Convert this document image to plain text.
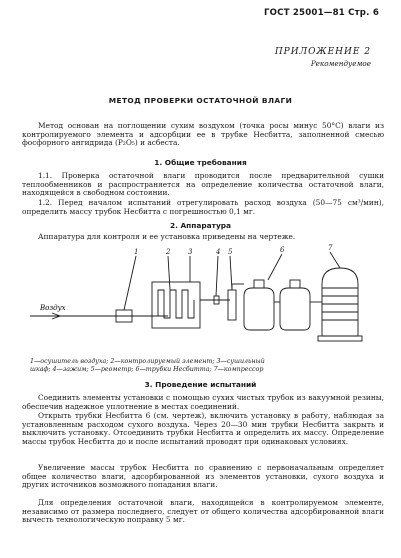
ГОСТ 25001—81 Стр. 6
ПРИЛОЖЕНИЕ 2
Рекомендуемое
МЕТОД ПРОВЕРКИ ОСТАТОЧНОЙ ВЛАГИ

Метод основан на поглощении сухим воздухом (точка росы минус 50°С) влаги из контролируемого элемента и адсорбции ее в трубке Несбитта, заполненной смесью фосфорного ангидрида (P₂O₅) и асбеста.

1. Общие требования

1.1. Проверка остаточной влаги проводится после предварительной сушки теплообменников и распространяется на определение количества остаточной влаги, находящейся в свободном состоянии.

1.2. Перед началом испытаний отрегулировать расход воздуха (50—75 см³/мин), определить массу трубок Несбитта с погрешностью 0,1 мг.

2. Аппаратура

Аппаратура для контроля и ее установка приведены на чертеже.

Воздух
1	2	3	4 5	6	7
1—осушитель воздуха; 2—контролируемый элемент; 3—сушильный
шкаф; 4—зажим; 5—реометр; 6—трубки Несбитта; 7—компрессор
3. Проведение испытаний

Соединить элементы установки с помощью сухих чистых трубок из вакуумной резины, обеспечив надежное уплотнение в местах соединений.

Открыть трубки Несбитта 6 (см. чертеж), включить установку в работу, наблюдая за установленным расходом сухого воздуха. Через 20—30 мин трубки Несбитта закрыть и выключить установку. Отсоединить трубки Несбитта и определить их массу. Определение массы трубок Несбитта до и после испытаний проводят при одинаковых условиях.

Увеличение массы трубок Несбитта по сравнению с первоначальным определяет общее количество влаги, адсорбированной из элементов установки, сухого воздуха и других источников возможного попадания влаги.

Для определения остаточной влаги, находящейся в контролируемом элементе, независимо от размера последнего, следует от общего количества адсорбированной влаги вычесть технологическую поправку 5 мг.
